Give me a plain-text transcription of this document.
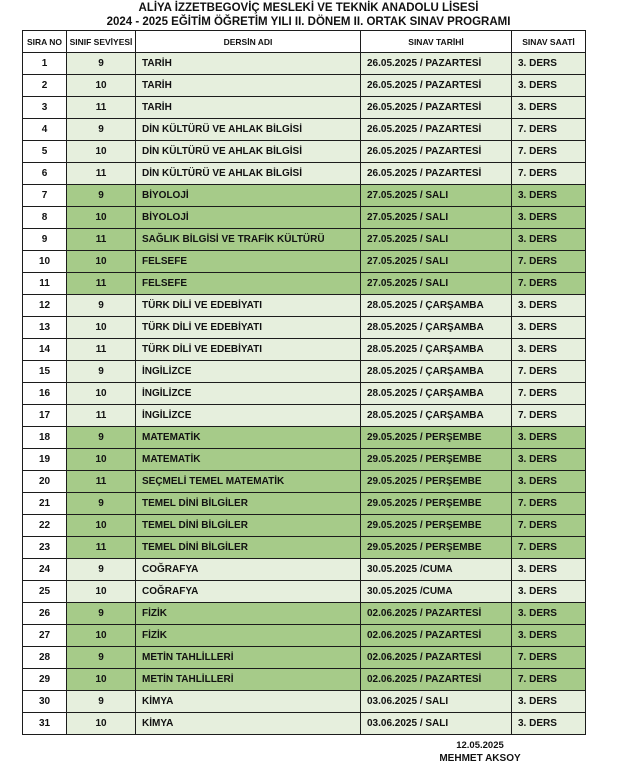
ALİYA İZZETBEGOVİÇ MESLEKİ VE TEKNİK ANADOLU LİSESİ
2024 - 2025 EĞİTİM ÖĞRETİM YILI II. DÖNEM II. ORTAK SINAV PROGRAMI
SIRA NO	SINIF SEVİYESİ	DERSİN ADI	SINAV TARİHİ	SINAV SAATİ
1	9	TARİH	26.05.2025 / PAZARTESİ	3. DERS
2	10	TARİH	26.05.2025 / PAZARTESİ	3. DERS
3	11	TARİH	26.05.2025 / PAZARTESİ	3. DERS
4	9	DİN KÜLTÜRÜ VE AHLAK BİLGİSİ	26.05.2025 / PAZARTESİ	7. DERS
5	10	DİN KÜLTÜRÜ VE AHLAK BİLGİSİ	26.05.2025 / PAZARTESİ	7. DERS
6	11	DİN KÜLTÜRÜ VE AHLAK BİLGİSİ	26.05.2025 / PAZARTESİ	7. DERS
7	9	BİYOLOJİ	27.05.2025 / SALI	3. DERS
8	10	BİYOLOJİ	27.05.2025 / SALI	3. DERS
9	11	SAĞLIK BİLGİSİ VE TRAFİK KÜLTÜRÜ	27.05.2025 / SALI	3. DERS
10	10	FELSEFE	27.05.2025 / SALI	7. DERS
11	11	FELSEFE	27.05.2025 / SALI	7. DERS
12	9	TÜRK DİLİ VE EDEBİYATI	28.05.2025 / ÇARŞAMBA	3. DERS
13	10	TÜRK DİLİ VE EDEBİYATI	28.05.2025 / ÇARŞAMBA	3. DERS
14	11	TÜRK DİLİ VE EDEBİYATI	28.05.2025 / ÇARŞAMBA	3. DERS
15	9	İNGİLİZCE	28.05.2025 / ÇARŞAMBA	7. DERS
16	10	İNGİLİZCE	28.05.2025 / ÇARŞAMBA	7. DERS
17	11	İNGİLİZCE	28.05.2025 / ÇARŞAMBA	7. DERS
18	9	MATEMATİK	29.05.2025 / PERŞEMBE	3. DERS
19	10	MATEMATİK	29.05.2025 / PERŞEMBE	3. DERS
20	11	SEÇMELİ TEMEL MATEMATİK	29.05.2025 / PERŞEMBE	3. DERS
21	9	TEMEL DİNİ BİLGİLER	29.05.2025 / PERŞEMBE	7. DERS
22	10	TEMEL DİNİ BİLGİLER	29.05.2025 / PERŞEMBE	7. DERS
23	11	TEMEL DİNİ BİLGİLER	29.05.2025 / PERŞEMBE	7. DERS
24	9	COĞRAFYA	30.05.2025 /CUMA	3. DERS
25	10	COĞRAFYA	30.05.2025 /CUMA	3. DERS
26	9	FİZİK	02.06.2025 / PAZARTESİ	3. DERS
27	10	FİZİK	02.06.2025 / PAZARTESİ	3. DERS
28	9	METİN TAHLİLLERİ	02.06.2025 / PAZARTESİ	7. DERS
29	10	METİN TAHLİLLERİ	02.06.2025 / PAZARTESİ	7. DERS
30	9	KİMYA	03.06.2025 / SALI	3. DERS
31	10	KİMYA	03.06.2025 / SALI	3. DERS
12.05.2025
MEHMET AKSOY
